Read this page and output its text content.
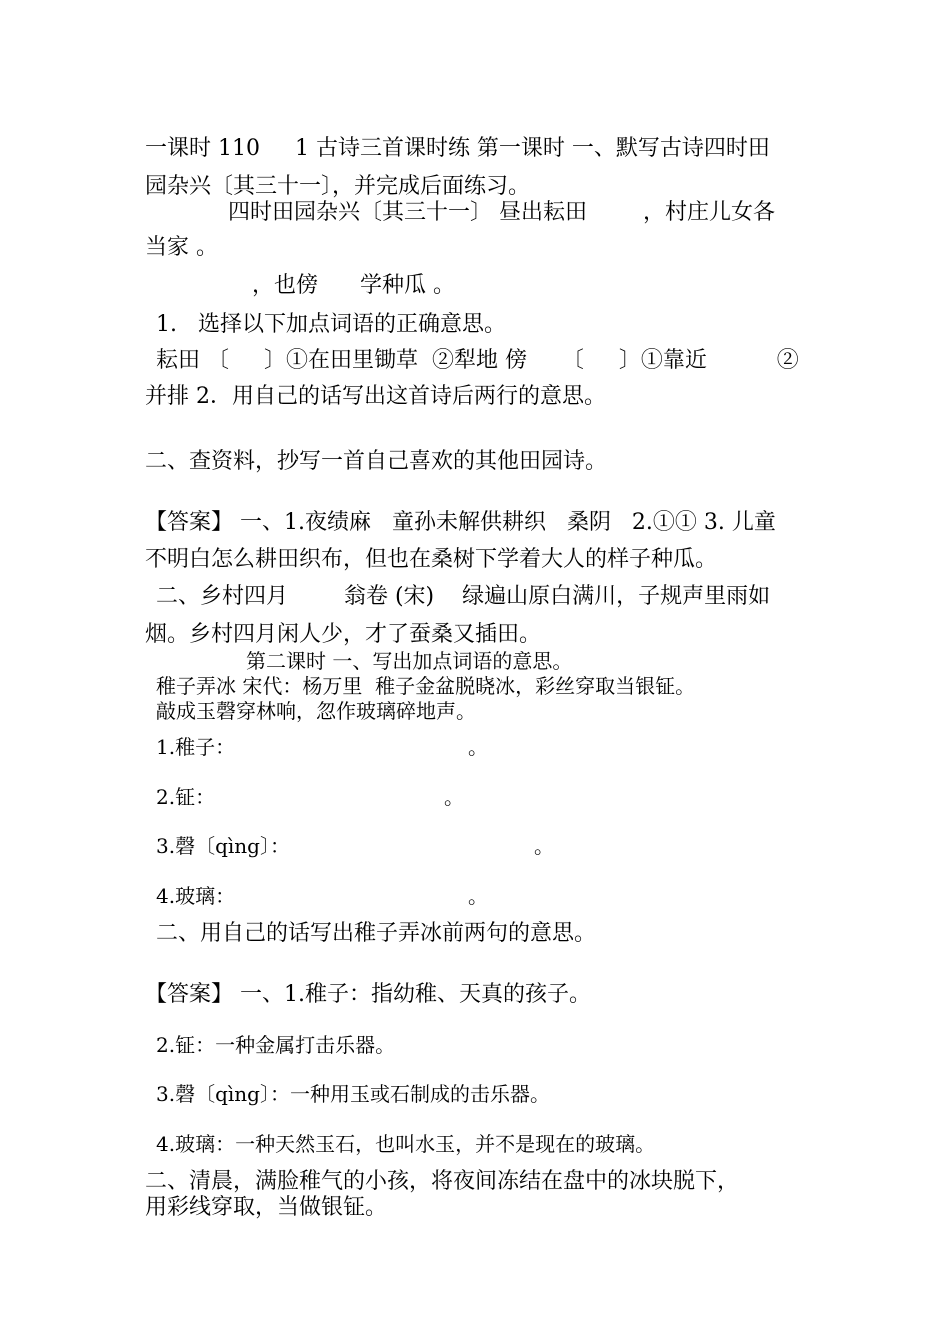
一课时 110     1 古诗三首课时练 第一课时 一、默写古诗四时田
园杂兴〔其三十一〕，并完成后面练习。
四时田园杂兴〔其三十一〕 昼出耘田        ，村庄儿女各
当家 。
，也傍      学种瓜 。
1.   选择以下加点词语的正确意思。
耘田 〔     〕①在田里锄草  ②犁地 傍     〔     〕①靠近          ②
并排 2．用自己的话写出这首诗后两行的意思。
二、查资料，抄写一首自己喜欢的其他田园诗。
【答案】 一、1.夜绩麻   童孙未解供耕织   桑阴   2.①① 3. 儿童
不明白怎么耕田织布，但也在桑树下学着大人的样子种瓜。
二、乡村四月        翁卷 (宋)    绿遍山原白满川，子规声里雨如
烟。乡村四月闲人少，才了蚕桑又插田。
第二课时 一、写出加点词语的意思。
稚子弄冰 宋代：杨万里  稚子金盆脱晓冰，彩丝穿取当银钲。
敲成玉磬穿林响，忽作玻璃碎地声。
1.稚子：	。
2.钲：	。
3.磬〔qìng〕：	。
4.玻璃：	。
二、用自己的话写出稚子弄冰前两句的意思。
【答案】 一、1.稚子：指幼稚、天真的孩子。
2.钲：一种金属打击乐器。
3.磬〔qìng〕：一种用玉或石制成的击乐器。
4.玻璃：一种天然玉石，也叫水玉，并不是现在的玻璃。
二、清晨，满脸稚气的小孩，将夜间冻结在盘中的冰块脱下，
用彩线穿取，当做银钲。
